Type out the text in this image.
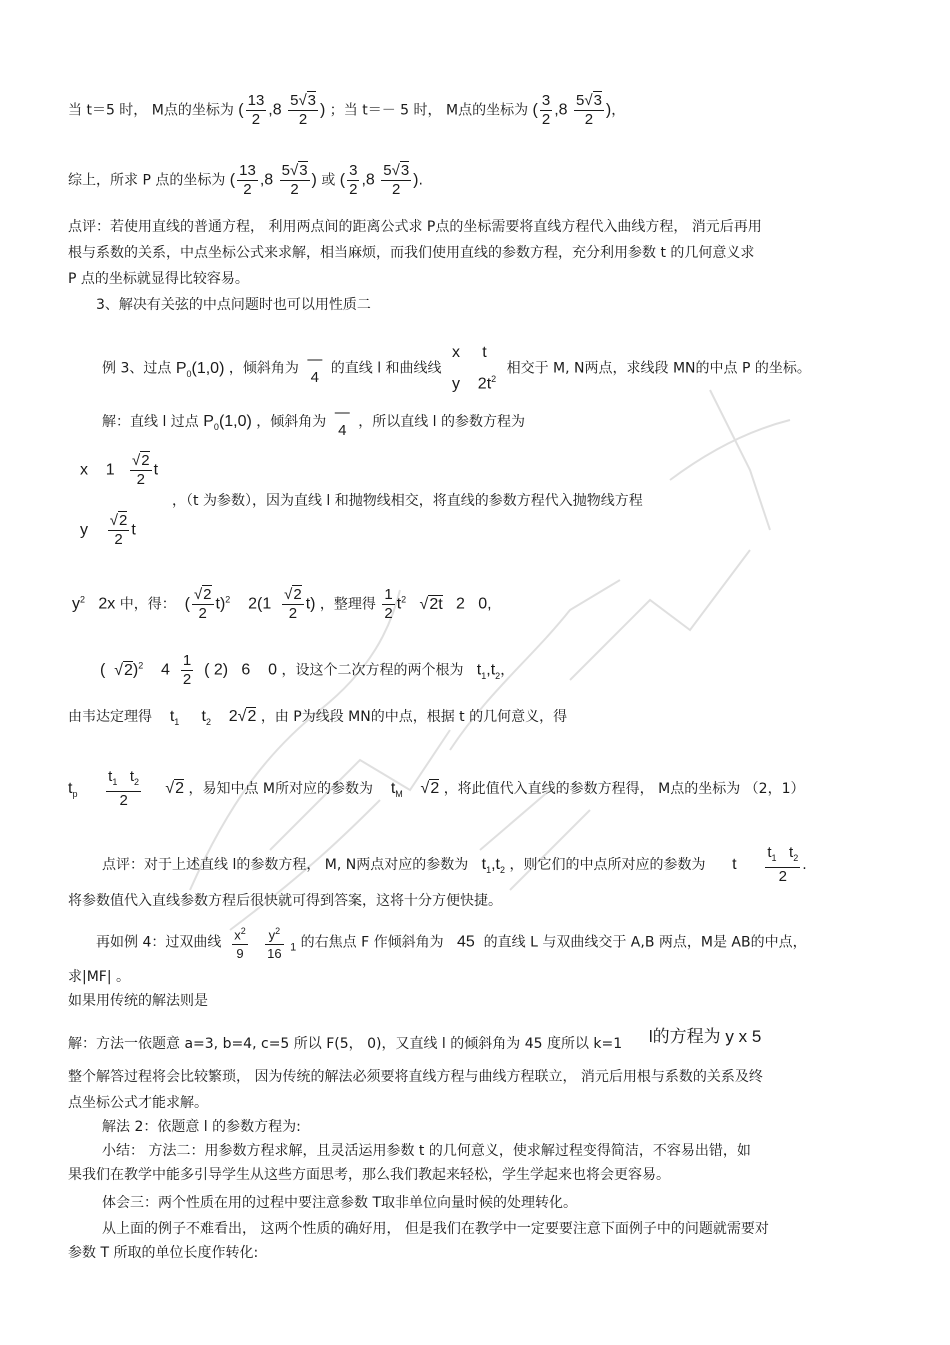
当 t＝5 时， M点的坐标为 ( $\frac{13}{2} ,8 \frac{5√3}{2}$ ) ；当 t＝－ 5 时， M点的坐标为 ( $\frac{3}{2} ,8 \frac{5√3}{2}$ )，
综上，所求 P 点的坐标为 ( $\frac{13}{2} ,8 \frac{5√3}{2}$ ) 或 ( $\frac{3}{2} ,8 \frac{5√3}{2}$ ).
点评：若使用直线的普通方程， 利用两点间的距离公式求 P点的坐标需要将直线方程代入曲线方程， 消元后再用
根与系数的关系，中点坐标公式来求解，相当麻烦，而我们使用直线的参数方程，充分利用参数 t 的几何意义求
P 点的坐标就显得比较容易。
3、解决有关弦的中点问题时也可以用性质二
例 3、过点 $P_0(1,0)$ ，倾斜角为
—
4 的直线 l 和曲线线
x t
y $2t^2$
相交于 M, N两点，求线段 MN的中点 P 的坐标。
解：直线 l 过点 $P_0(1,0)$ ，倾斜角为
—
4 ，所以直线 l 的参数方程为
x $1 \frac{√2}{2}$ t
，（t 为参数），因为直线 l 和抛物线相交，将直线的参数方程代入抛物线方程
y $\frac{√2}{2}$ t
$y^2$ 2x 中，得： ( $\frac{√2}{2} t)^2$ $2(1 \frac{√2}{2} t)$ ，整理得 $\frac{1}{2} t^2$ √2t 2 0,
( √2)$^2$ $4 \frac{1}{2}$ ( 2) 6 0 ，设这个二次方程的两个根为 $t_1,t_2$，
由韦达定理得 $t_1$ $t_2$ 2√2 ，由 P为线段 MN的中点，根据 t 的几何意义，得
$t_p \frac{t_1 t_2}{2} √2$ ，易知中点 M所对应的参数为 $t_M$ √2 ，将此值代入直线的参数方程得， M点的坐标为 （2，1）
点评：对于上述直线 l的参数方程， M, N两点对应的参数为 $t_1,t_2$ ，则它们的中点所对应的参数为 t $\frac{t_1 t_2}{2}$ .
将参数值代入直线参数方程后很快就可得到答案，这将十分方便快捷。
再如例 4：过双曲线 $\frac{x^2}{9}$
$\frac{y^2}{16} _1$ 的右焦点 F 作倾斜角为 45 的直线 L 与双曲线交于 A,B 两点，M是 AB的中点，
求|MF| 。
如果用传统的解法则是
解：方法一依题意 a=3, b=4, c=5 所以 F(5， 0)，又直线 l 的倾斜角为 45 度所以 k=1 l的方程为 y x 5
整个解答过程将会比较繁琐， 因为传统的解法必须要将直线方程与曲线方程联立， 消元后用根与系数的关系及终
点坐标公式才能求解。
解法 2：依题意 l 的参数方程为:
小结： 方法二：用参数方程求解，且灵活运用参数 t 的几何意义，使求解过程变得简洁，不容易出错，如
果我们在教学中能多引导学生从这些方面思考，那么我们教起来轻松，学生学起来也将会更容易。
体会三：两个性质在用的过程中要注意参数 T取非单位向量时候的处理转化。
从上面的例子不难看出， 这两个性质的确好用， 但是我们在教学中一定要要注意下面例子中的问题就需要对
参数 T 所取的单位长度作转化:
